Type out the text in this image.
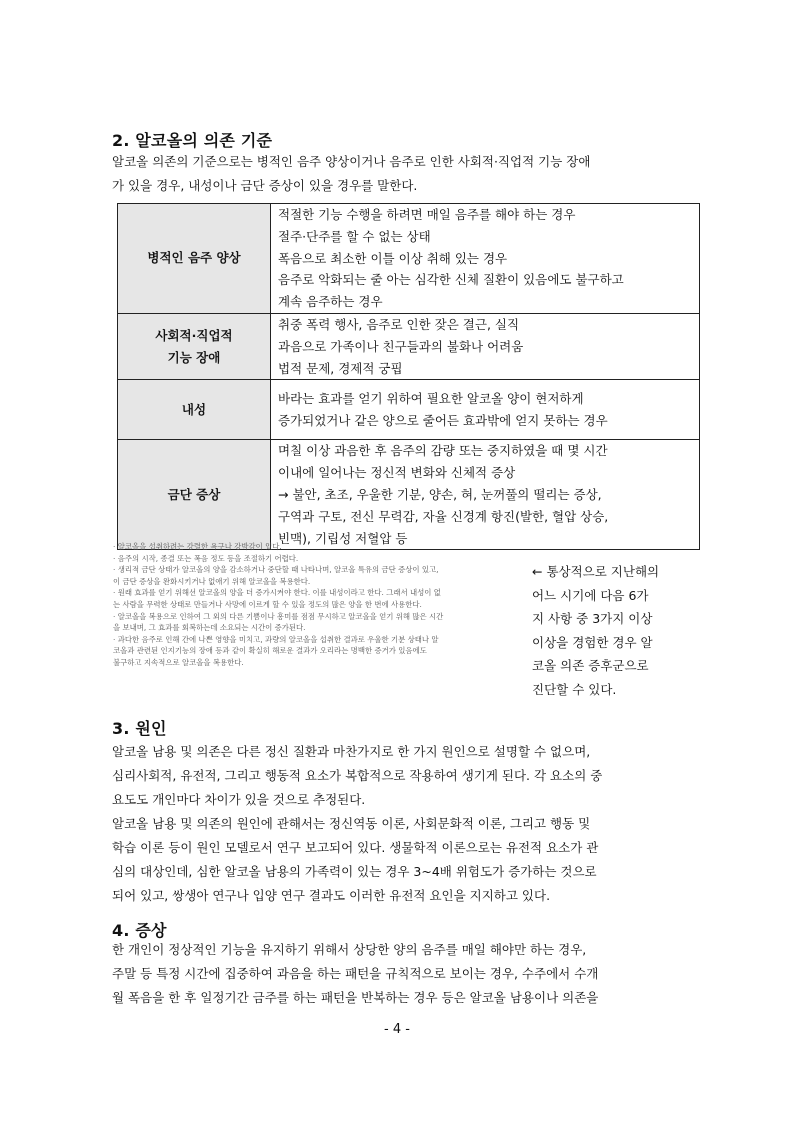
2. 알코올의 의존 기준
알코올 의존의 기준으로는 병적인 음주 양상이거나 음주로 인한 사회적·직업적 기능 장애
가 있을 경우, 내성이나 금단 증상이 있을 경우를 말한다.
병적인 음주 양상	적절한 기능 수행을 하려면 매일 음주를 해야 하는 경우
절주·단주를 할 수 없는 상태
폭음으로 최소한 이틀 이상 취해 있는 경우
음주로 악화되는 줄 아는 심각한 신체 질환이 있음에도 불구하고
계속 음주하는 경우

사회적·직업적
기능 장애	취중 폭력 행사, 음주로 인한 잦은 결근, 실직
과음으로 가족이나 친구들과의 불화나 어려움
법적 문제, 경제적 궁핍

내성	바라는 효과를 얻기 위하여 필요한 알코올 양이 현저하게
증가되었거나 같은 양으로 줄어든 효과밖에 얻지 못하는 경우

금단 증상	며칠 이상 과음한 후 음주의 감량 또는 중지하였을 때 몇 시간
이내에 일어나는 정신적 변화와 신체적 증상
→ 불안, 초조, 우울한 기분, 양손, 혀, 눈꺼풀의 떨리는 증상,
구역과 구토, 전신 무력감, 자율 신경계 항진(발한, 혈압 상승,
빈맥), 기립성 저혈압 등
· 알코올을 섭취하려는 강렬한 욕구나 강박감이 있다.
· 음주의 시작, 종결 또는 폭음 정도 등을 조절하기 어렵다.
· 생리적 금단 상태가 알코올의 양을 감소하거나 중단할 때 나타나며, 알코올 특유의 금단 증상이 있고,
이 금단 증상을 완화시키거나 없애기 위해 알코올을 복용한다.
· 원래 효과를 얻기 위해선 알코올의 양을 더 증가시켜야 한다. 이를 내성이라고 한다. 그래서 내성이 없
는 사람을 무력한 상태로 만들거나 사망에 이르게 할 수 있을 정도의 많은 양을 한 번에 사용한다.
· 알코올을 복용으로 인하여 그 외의 다른 기쁨이나 흥미를 점점 무시하고 알코올을 얻기 위해 많은 시간
을 보내며, 그 효과를 회복하는데 소요되는 시간이 증가된다.
· 과다한 음주로 인해 간에 나쁜 영향을 미치고, 과량의 알코올을 섭취한 결과로 우울한 기분 상태나 알
코올과 관련된 인지기능의 장애 등과 같이 확실히 해로운 결과가 오리라는 명백한 증거가 있음에도
불구하고 지속적으로 알코올을 복용한다.
← 통상적으로 지난해의
어느 시기에 다음 6가
지 사항 중 3가지 이상
이상을 경험한 경우 알
코올 의존 증후군으로
진단할 수 있다.
3. 원인
알코올 남용 및 의존은 다른 정신 질환과 마찬가지로 한 가지 원인으로 설명할 수 없으며,
심리사회적, 유전적, 그리고 행동적 요소가 복합적으로 작용하여 생기게 된다. 각 요소의 중
요도도 개인마다 차이가 있을 것으로 추정된다.
알코올 남용 및 의존의 원인에 관해서는 정신역동 이론, 사회문화적 이론, 그리고 행동 및
학습 이론 등이 원인 모델로서 연구 보고되어 있다. 생물학적 이론으로는 유전적 요소가 관
심의 대상인데, 심한 알코올 남용의 가족력이 있는 경우 3~4배 위험도가 증가하는 것으로
되어 있고, 쌍생아 연구나 입양 연구 결과도 이러한 유전적 요인을 지지하고 있다.
4. 증상
한 개인이 정상적인 기능을 유지하기 위해서 상당한 양의 음주를 매일 해야만 하는 경우,
주말 등 특정 시간에 집중하여 과음을 하는 패턴을 규칙적으로 보이는 경우, 수주에서 수개
월 폭음을 한 후 일정기간 금주를 하는 패턴을 반복하는 경우 등은 알코올 남용이나 의존을
- 4 -
